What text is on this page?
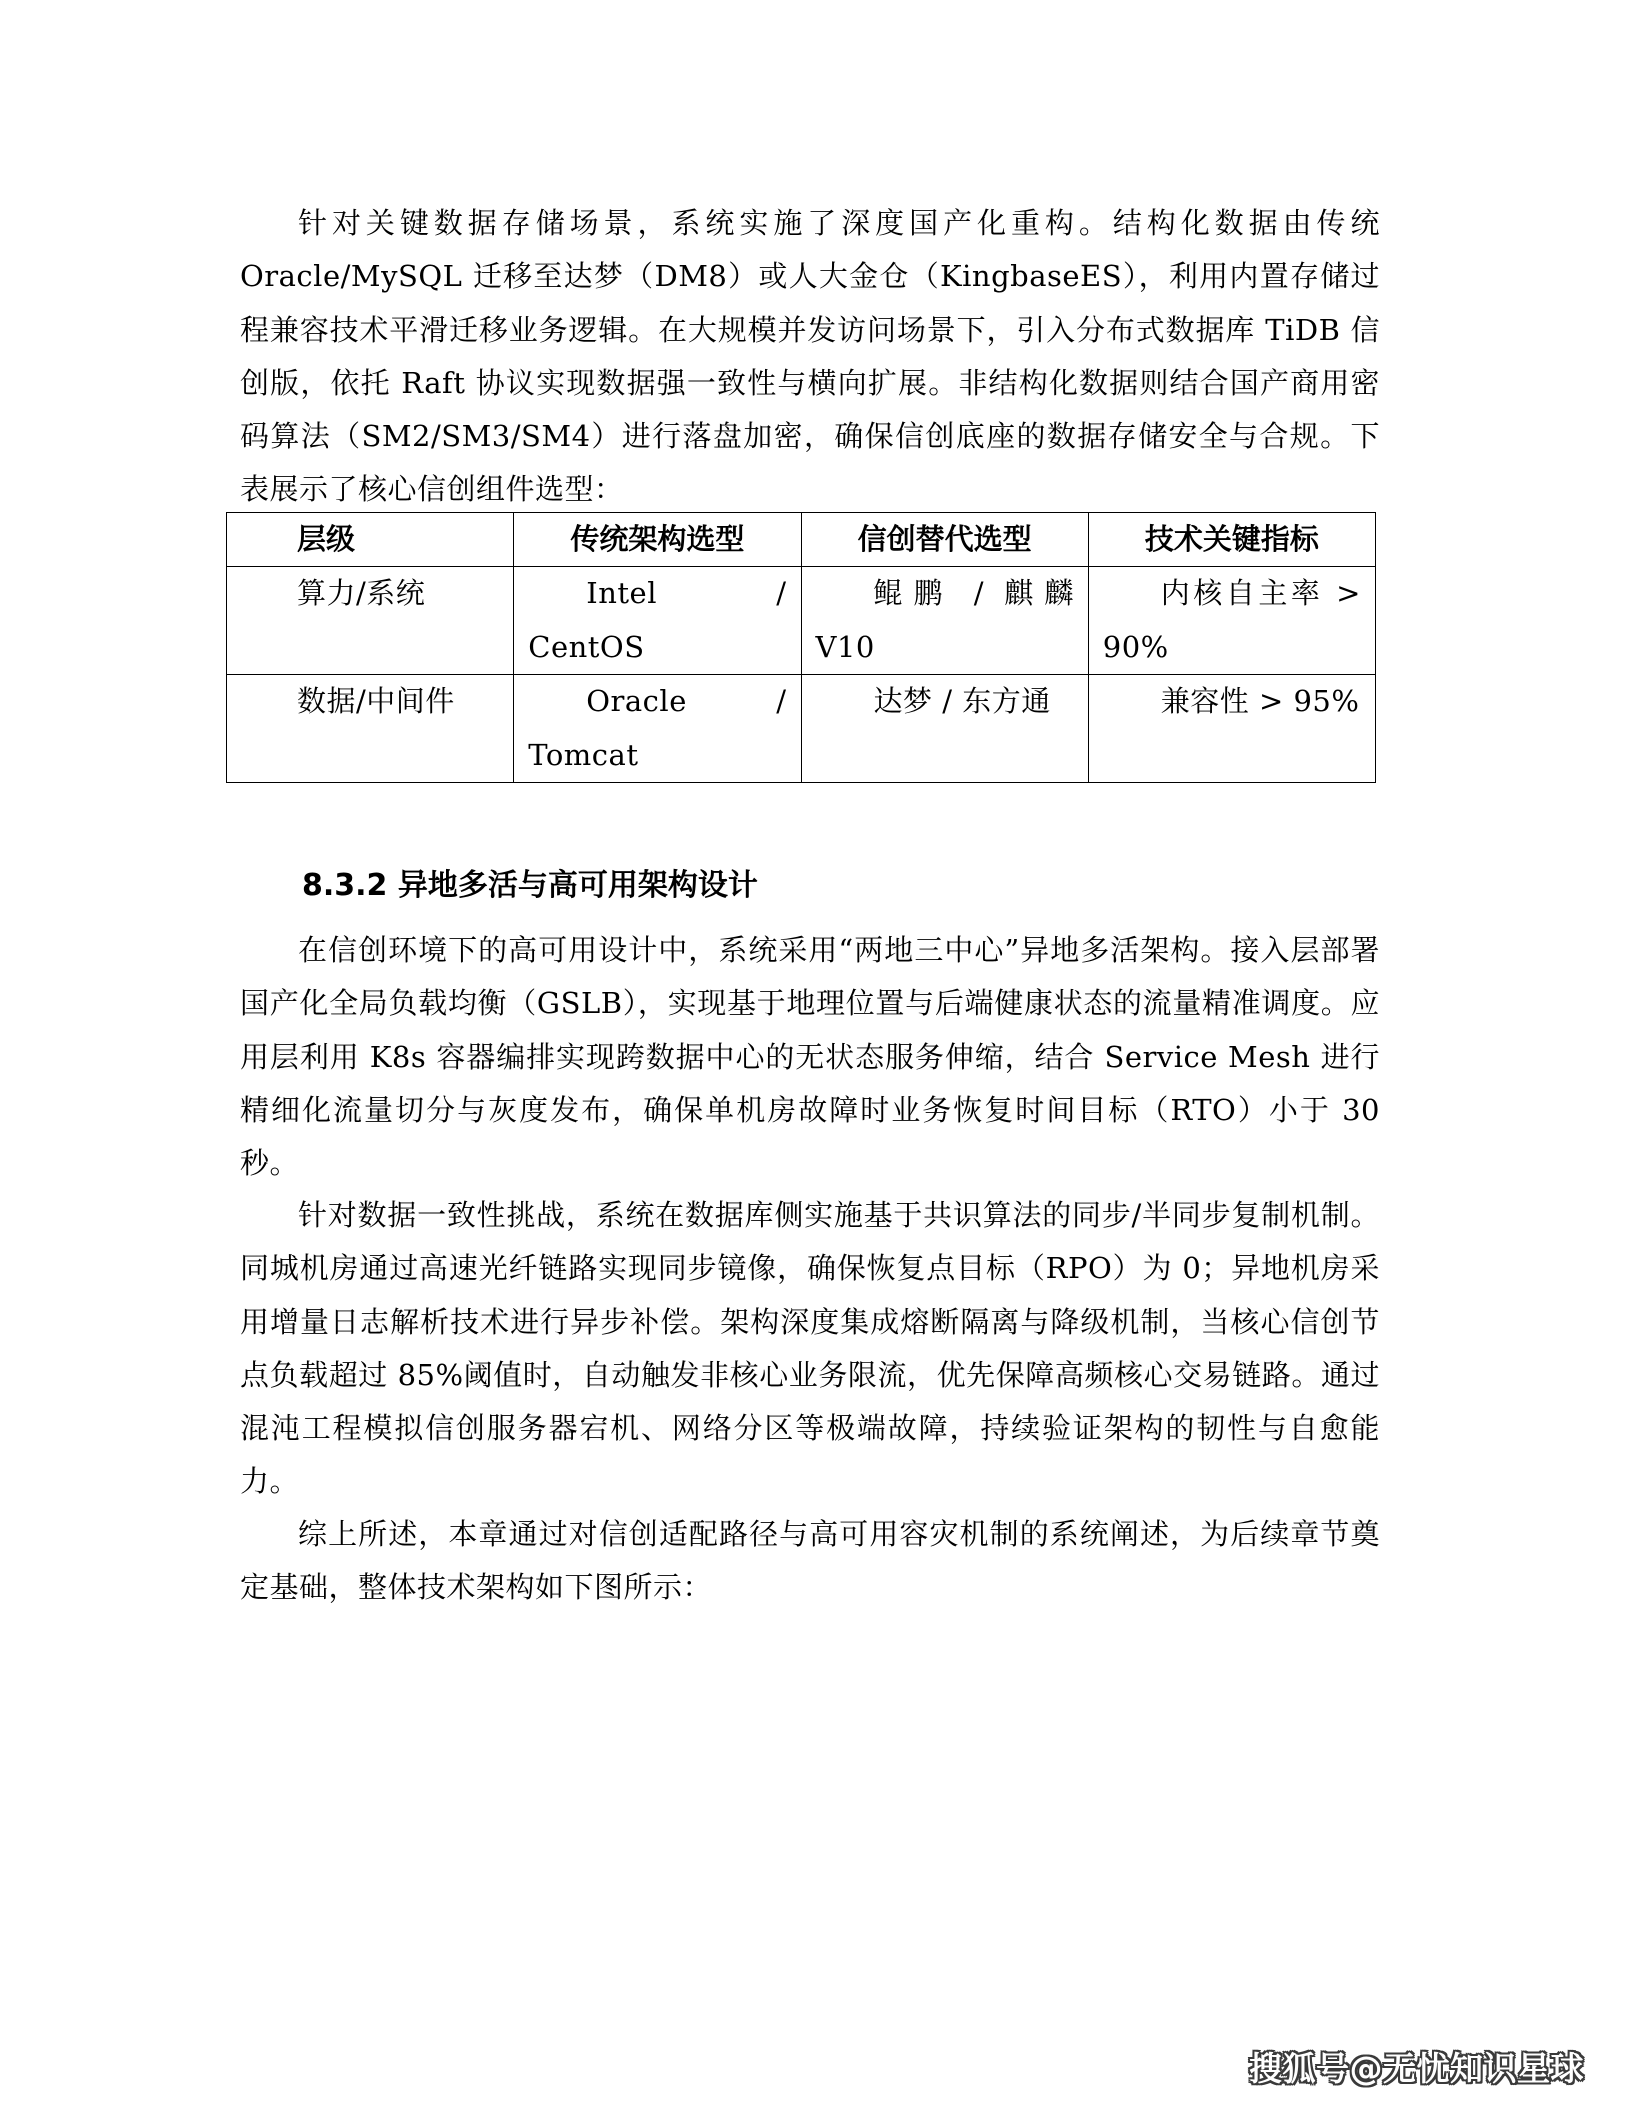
针对关键数据存储场景，系统实施了深度国产化重构。结构化数据由传统 Oracle/MySQL 迁移至达梦（DM8）或人大金仓（KingbaseES），利用内置存储过程兼容技术平滑迁移业务逻辑。在大规模并发访问场景下，引入分布式数据库 TiDB 信创版，依托 Raft 协议实现数据强一致性与横向扩展。非结构化数据则结合国产商用密码算法（SM2/SM3/SM4）进行落盘加密，确保信创底座的数据存储安全与合规。下表展示了核心信创组件选型：

层级	传统架构选型	信创替代选型	技术关键指标
算力/系统	Intel / CentOS	鲲鹏 / 麒麟 V10	内核自主率 > 90%
数据/中间件	Oracle / Tomcat	达梦 / 东方通	兼容性 > 95%
8.3.2 异地多活与高可用架构设计

在信创环境下的高可用设计中，系统采用“两地三中心”异地多活架构。接入层部署国产化全局负载均衡（GSLB），实现基于地理位置与后端健康状态的流量精准调度。应用层利用 K8s 容器编排实现跨数据中心的无状态服务伸缩，结合 Service Mesh 进行精细化流量切分与灰度发布，确保单机房故障时业务恢复时间目标（RTO）小于 30 秒。

针对数据一致性挑战，系统在数据库侧实施基于共识算法的同步/半同步复制机制。同城机房通过高速光纤链路实现同步镜像，确保恢复点目标（RPO）为 0；异地机房采用增量日志解析技术进行异步补偿。架构深度集成熔断隔离与降级机制，当核心信创节点负载超过 85%阈值时，自动触发非核心业务限流，优先保障高频核心交易链路。通过混沌工程模拟信创服务器宕机、网络分区等极端故障，持续验证架构的韧性与自愈能力。

综上所述，本章通过对信创适配路径与高可用容灾机制的系统阐述，为后续章节奠定基础，整体技术架构如下图所示：

搜狐号@无忧知识星球
